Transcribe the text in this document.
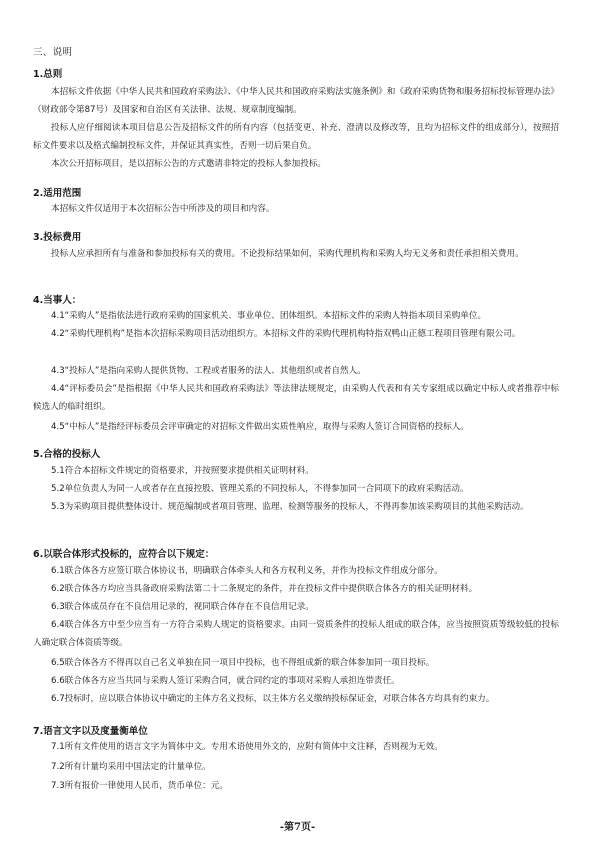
三、说明
1.总则

本招标文件依据《中华人民共和国政府采购法》、《中华人民共和国政府采购法实施条例》和《政府采购货物和服务招标投标管理办法》（财政部令第87号）及国家和自治区有关法律、法规、规章制度编制。

投标人应仔细阅读本项目信息公告及招标文件的所有内容（包括变更、补充、澄清以及修改等，且均为招标文件的组成部分），按照招标文件要求以及格式编制投标文件，并保证其真实性，否则一切后果自负。

本次公开招标项目，是以招标公告的方式邀请非特定的投标人参加投标。

2.适用范围

本招标文件仅适用于本次招标公告中所涉及的项目和内容。

3.投标费用

投标人应承担所有与准备和参加投标有关的费用。不论投标结果如何，采购代理机构和采购人均无义务和责任承担相关费用。

4.当事人：

4.1“采购人”是指依法进行政府采购的国家机关、事业单位、团体组织。本招标文件的采购人特指本项目采购单位。

4.2“采购代理机构”是指本次招标采购项目活动组织方。本招标文件的采购代理机构特指双鸭山正德工程项目管理有限公司。

4.3“投标人”是指向采购人提供货物、工程或者服务的法人、其他组织或者自然人。

4.4“评标委员会”是指根据《中华人民共和国政府采购法》等法律法规规定，由采购人代表和有关专家组成以确定中标人或者推荐中标候选人的临时组织。

4.5“中标人”是指经评标委员会评审确定的对招标文件做出实质性响应，取得与采购人签订合同资格的投标人。

5.合格的投标人

5.1符合本招标文件规定的资格要求，并按照要求提供相关证明材料。

5.2单位负责人为同一人或者存在直接控股、管理关系的不同投标人，不得参加同一合同项下的政府采购活动。

5.3为采购项目提供整体设计、规范编制或者项目管理、监理、检测等服务的投标人，不得再参加该采购项目的其他采购活动。

6.以联合体形式投标的，应符合以下规定：

6.1联合体各方应签订联合体协议书，明确联合体牵头人和各方权利义务，并作为投标文件组成分部分。

6.2联合体各方均应当具备政府采购法第二十二条规定的条件，并在投标文件中提供联合体各方的相关证明材料。

6.3联合体成员存在不良信用记录的，视同联合体存在不良信用记录。

6.4联合体各方中至少应当有一方符合采购人规定的资格要求。由同一资质条件的投标人组成的联合体，应当按照资质等级较低的投标人确定联合体资质等级。

6.5联合体各方不得再以自己名义单独在同一项目中投标，也不得组成新的联合体参加同一项目投标。

6.6联合体各方应当共同与采购人签订采购合同，就合同约定的事项对采购人承担连带责任。

6.7投标时，应以联合体协议中确定的主体方名义投标，以主体方名义缴纳投标保证金，对联合体各方均具有约束力。

7.语言文字以及度量衡单位

7.1所有文件使用的语言文字为简体中文。专用术语使用外文的，应附有简体中文注释，否则视为无效。

7.2所有计量均采用中国法定的计量单位。

7.3所有报价一律使用人民币，货币单位：元。

-第7页-
